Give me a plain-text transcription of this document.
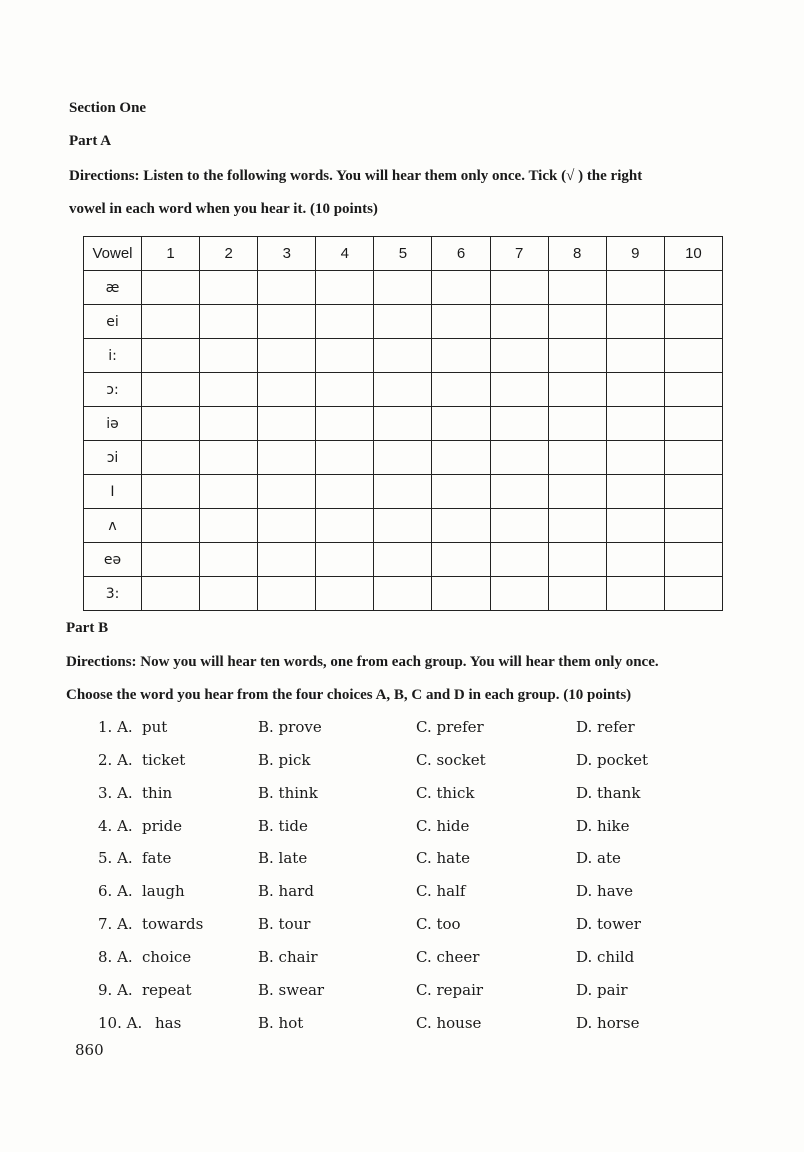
Section One
Part A
Directions: Listen to the following words. You will hear them only once. Tick (√ ) the right
vowel in each word when you hear it. (10 points)
Vowel	1	2	3	4	5	6	7	8	9	10
æ										
ei										
i:										
ɔ:										
iə										
ɔi										
I										
ʌ										
eə										
3:										
Part B
Directions: Now you will hear ten words, one from each group. You will hear them only once.
Choose the word you hear from the four choices A, B, C and D in each group. (10 points)
1. A. put	B. prove	C. prefer	D. refer
2. A. ticket	B. pick	C. socket	D. pocket
3. A. thin	B. think	C. thick	D. thank
4. A. pride	B. tide	C. hide	D. hike
5. A. fate	B. late	C. hate	D. ate
6. A. laugh	B. hard	C. half	D. have
7. A. towards	B. tour	C. too	D. tower
8. A. choice	B. chair	C. cheer	D. child
9. A. repeat	B. swear	C. repair	D. pair
10. A. has	B. hot	C. house	D. horse
860
